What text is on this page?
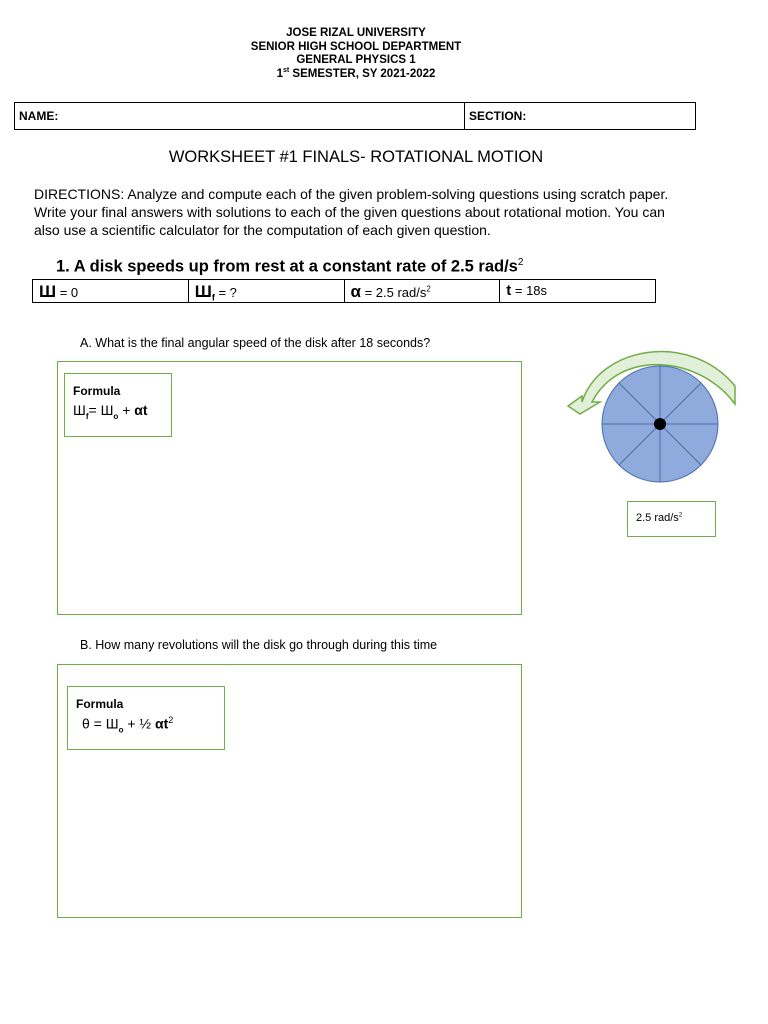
JOSE RIZAL UNIVERSITY
SENIOR HIGH SCHOOL DEPARTMENT
GENERAL PHYSICS 1
1st SEMESTER, SY 2021-2022
NAME:	SECTION:
WORKSHEET #1 FINALS- ROTATIONAL MOTION
DIRECTIONS: Analyze and compute each of the given problem-solving questions using scratch paper. Write your final answers with solutions to each of the given questions about rotational motion. You can also use a scientific calculator for the computation of each given question.
1. A disk speeds up from rest at a constant rate of 2.5 rad/$s^2$
Ш = 0	$Ш_f$ = ?	α = 2.5 rad/$s^2$	t = 18s
A. What is the final angular speed of the disk after 18 seconds?
Formula
$Ш_f= Ш_o + \alpha t$
2.5 rad/$s^2$
B. How many revolutions will the disk go through during this time
Formula
$\theta = Ш_o$ + ½ $\alpha t^2$
